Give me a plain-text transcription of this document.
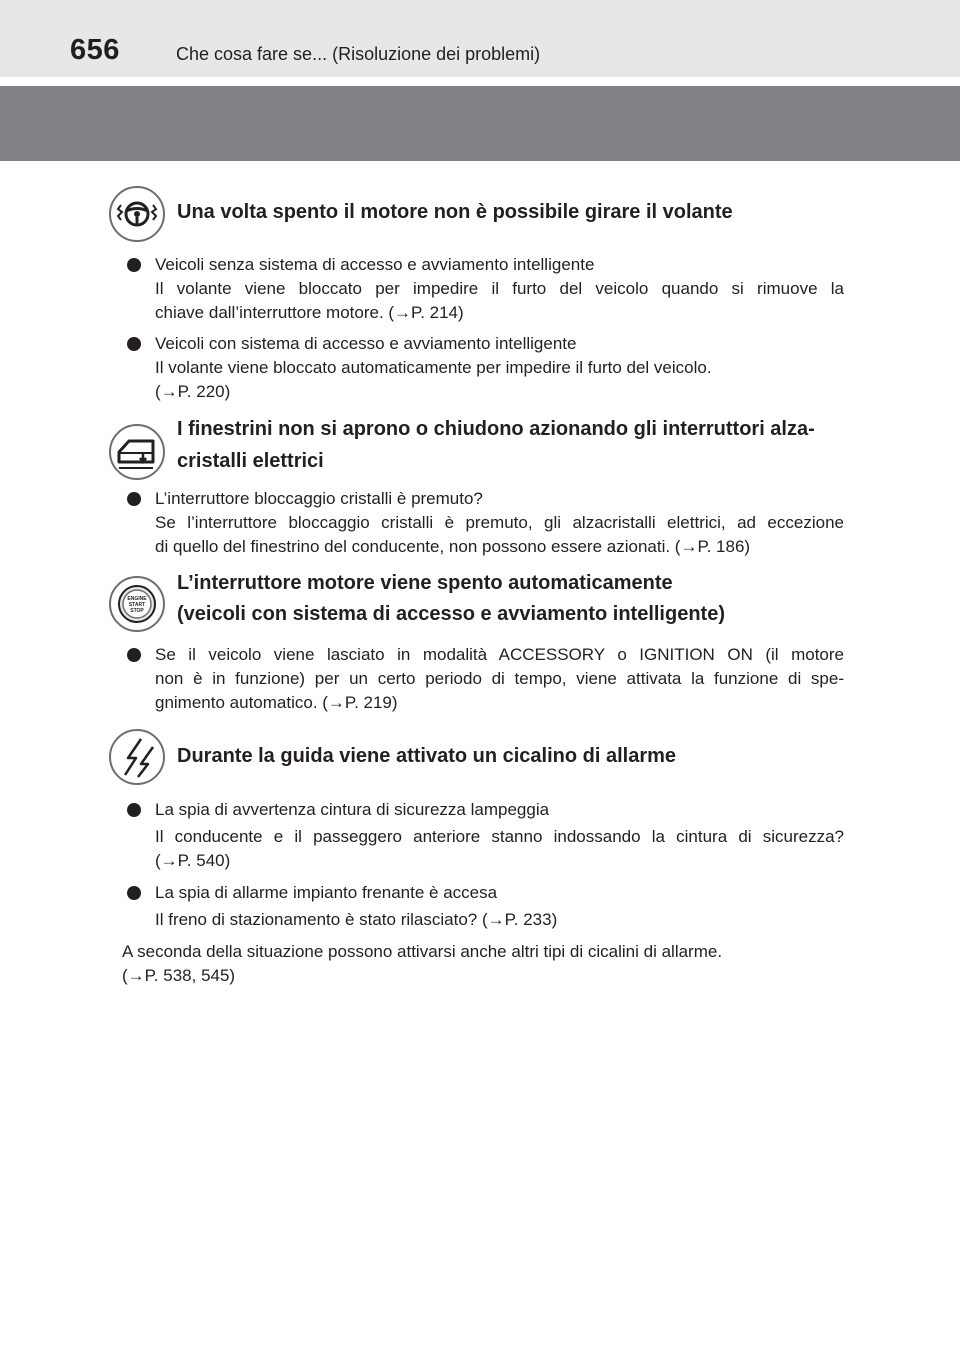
656	Che cosa fare se... (Risoluzione dei problemi)
Una volta spento il motore non è possibile girare il volante
Veicoli senza sistema di accesso e avviamento intelligente
Il volante viene bloccato per impedire il furto del veicolo quando si rimuove la
chiave dall’interruttore motore. (→P. 214)
Veicoli con sistema di accesso e avviamento intelligente
Il volante viene bloccato automaticamente per impedire il furto del veicolo.
(→P. 220)
I finestrini non si aprono o chiudono azionando gli interruttori alza-
cristalli elettrici
L’interruttore bloccaggio cristalli è premuto?
Se l’interruttore bloccaggio cristalli è premuto, gli alzacristalli elettrici, ad eccezione
di quello del finestrino del conducente, non possono essere azionati. (→P. 186)
ENGINE
START
STOP
L’interruttore motore viene spento automaticamente
(veicoli con sistema di accesso e avviamento intelligente)
Se il veicolo viene lasciato in modalità ACCESSORY o IGNITION ON (il motore
non è in funzione) per un certo periodo di tempo, viene attivata la funzione di spe-
gnimento automatico. (→P. 219)
Durante la guida viene attivato un cicalino di allarme
La spia di avvertenza cintura di sicurezza lampeggia
Il conducente e il passeggero anteriore stanno indossando la cintura di sicurezza?
(→P. 540)
La spia di allarme impianto frenante è accesa
Il freno di stazionamento è stato rilasciato? (→P. 233)
A seconda della situazione possono attivarsi anche altri tipi di cicalini di allarme.
(→P. 538, 545)
